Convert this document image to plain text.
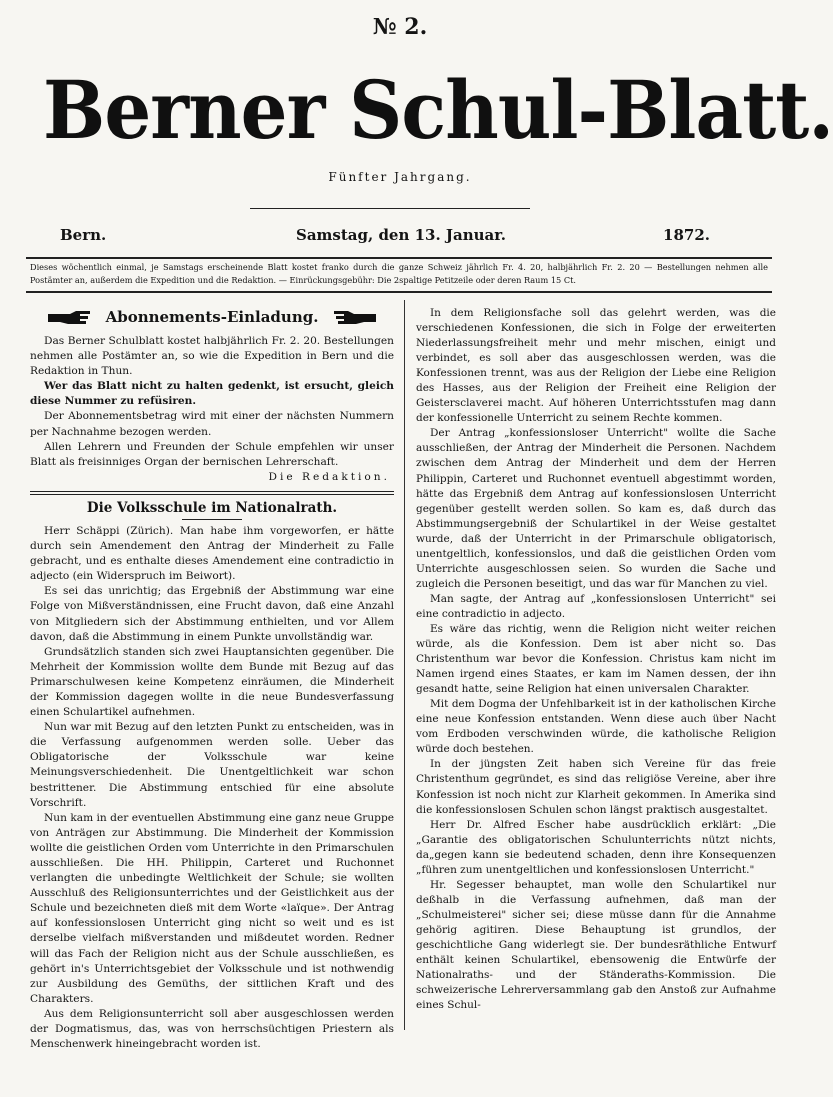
№ 2.
Berner Schul-Blatt.
Fünfter Jahrgang.
Bern.	Samstag, den 13. Januar.	1872.
Dieses wöchentlich einmal, je Samstags erscheinende Blatt kostet franko durch die ganze Schweiz jährlich Fr. 4. 20, halbjährlich Fr. 2. 20 — Bestellungen nehmen alle Postämter an, außerdem die Expedition und die Redaktion. — Einrückungsgebühr: Die 2spaltige Petitzeile oder deren Raum 15 Ct.
Abonnements-Einladung.

Das Berner Schulblatt kostet halbjährlich Fr. 2. 20. Bestellungen nehmen alle Postämter an, so wie die Expedition in Bern und die Redaktion in Thun.

Wer das Blatt nicht zu halten gedenkt, ist ersucht, gleich diese Nummer zu refüsiren.

Der Abonnementsbetrag wird mit einer der nächsten Nummern per Nachnahme bezogen werden.

Allen Lehrern und Freunden der Schule empfehlen wir unser Blatt als freisinniges Organ der bernischen Lehrerschaft.

Die Redaktion.
Die Volksschule im Nationalrath.

Herr Schäppi (Zürich). Man habe ihm vorgeworfen, er hätte durch sein Amendement den Antrag der Minderheit zu Falle gebracht, und es enthalte dieses Amendement eine contradictio in adjecto (ein Widerspruch im Beiwort).

Es sei das unrichtig; das Ergebniß der Abstimmung war eine Folge von Mißverständnissen, eine Frucht davon, daß eine Anzahl von Mitgliedern sich der Abstimmung enthielten, und vor Allem davon, daß die Abstimmung in einem Punkte unvollständig war.

Grundsätzlich standen sich zwei Hauptansichten gegenüber. Die Mehrheit der Kommission wollte dem Bunde mit Bezug auf das Primarschulwesen keine Kompetenz einräumen, die Minderheit der Kommission dagegen wollte in die neue Bundesverfassung einen Schulartikel aufnehmen.

Nun war mit Bezug auf den letzten Punkt zu entscheiden, was in die Verfassung aufgenommen werden solle. Ueber das Obligatorische der Volksschule war keine Meinungsverschiedenheit. Die Unentgeltlichkeit war schon bestrittener. Die Abstimmung entschied für eine absolute Vorschrift.

Nun kam in der eventuellen Abstimmung eine ganz neue Gruppe von Anträgen zur Abstimmung. Die Minderheit der Kommission wollte die geistlichen Orden vom Unterrichte in den Primarschulen ausschließen. Die HH. Philippin, Carteret und Ruchonnet verlangten die unbedingte Weltlichkeit der Schule; sie wollten Ausschluß des Religionsunterrichtes und der Geistlichkeit aus der Schule und bezeichneten dieß mit dem Worte «laïque». Der Antrag auf konfessionslosen Unterricht ging nicht so weit und es ist derselbe vielfach mißverstanden und mißdeutet worden. Redner will das Fach der Religion nicht aus der Schule ausschließen, es gehört in's Unterrichtsgebiet der Volksschule und ist nothwendig zur Ausbildung des Gemüths, der sittlichen Kraft und des Charakters.

Aus dem Religionsunterricht soll aber ausgeschlossen werden der Dogmatismus, das, was von herrschsüchtigen Priestern als Menschenwerk hineingebracht worden ist.

In dem Religionsfache soll das gelehrt werden, was die verschiedenen Konfessionen, die sich in Folge der erweiterten Niederlassungsfreiheit mehr und mehr mischen, einigt und verbindet, es soll aber das ausgeschlossen werden, was die Konfessionen trennt, was aus der Religion der Liebe eine Religion des Hasses, aus der Religion der Freiheit eine Religion der Geistersclaverei macht. Auf höheren Unterrichtsstufen mag dann der konfessionelle Unterricht zu seinem Rechte kommen.

Der Antrag „konfessionsloser Unterricht" wollte die Sache ausschließen, der Antrag der Minderheit die Personen. Nachdem zwischen dem Antrag der Minderheit und dem der Herren Philippin, Carteret und Ruchonnet eventuell abgestimmt worden, hätte das Ergebniß dem Antrag auf konfessionslosen Unterricht gegenüber gestellt werden sollen. So kam es, daß durch das Abstimmungsergebniß der Schulartikel in der Weise gestaltet wurde, daß der Unterricht in der Primarschule obligatorisch, unentgeltlich, konfessionslos, und daß die geistlichen Orden vom Unterrichte ausgeschlossen seien. So wurden die Sache und zugleich die Personen beseitigt, und das war für Manchen zu viel.

Man sagte, der Antrag auf „konfessionslosen Unterricht" sei eine contradictio in adjecto.

Es wäre das richtig, wenn die Religion nicht weiter reichen würde, als die Konfession. Dem ist aber nicht so. Das Christenthum war bevor die Konfession. Christus kam nicht im Namen irgend eines Staates, er kam im Namen dessen, der ihn gesandt hatte, seine Religion hat einen universalen Charakter.

Mit dem Dogma der Unfehlbarkeit ist in der katholischen Kirche eine neue Konfession entstanden. Wenn diese auch über Nacht vom Erdboden verschwinden würde, die katholische Religion würde doch bestehen.

In der jüngsten Zeit haben sich Vereine für das freie Christenthum gegründet, es sind das religiöse Vereine, aber ihre Konfession ist noch nicht zur Klarheit gekommen. In Amerika sind die konfessionslosen Schulen schon längst praktisch ausgestaltet.

Herr Dr. Alfred Escher habe ausdrücklich erklärt: „Die „Garantie des obligatorischen Schulunterrichts nützt nichts, da„gegen kann sie bedeutend schaden, denn ihre Konsequenzen „führen zum unentgeltlichen und konfessionslosen Unterricht."

Hr. Segesser behauptet, man wolle den Schulartikel nur deßhalb in die Verfassung aufnehmen, daß man der „Schulmeisterei" sicher sei; diese müsse dann für die Annahme gehörig agitiren. Diese Behauptung ist grundlos, der geschichtliche Gang widerlegt sie. Der bundesräthliche Entwurf enthält keinen Schulartikel, ebensowenig die Entwürfe der Nationalraths- und der Ständeraths-Kommission. Die schweizerische Lehrerversammlang gab den Anstoß zur Aufnahme eines Schul-
